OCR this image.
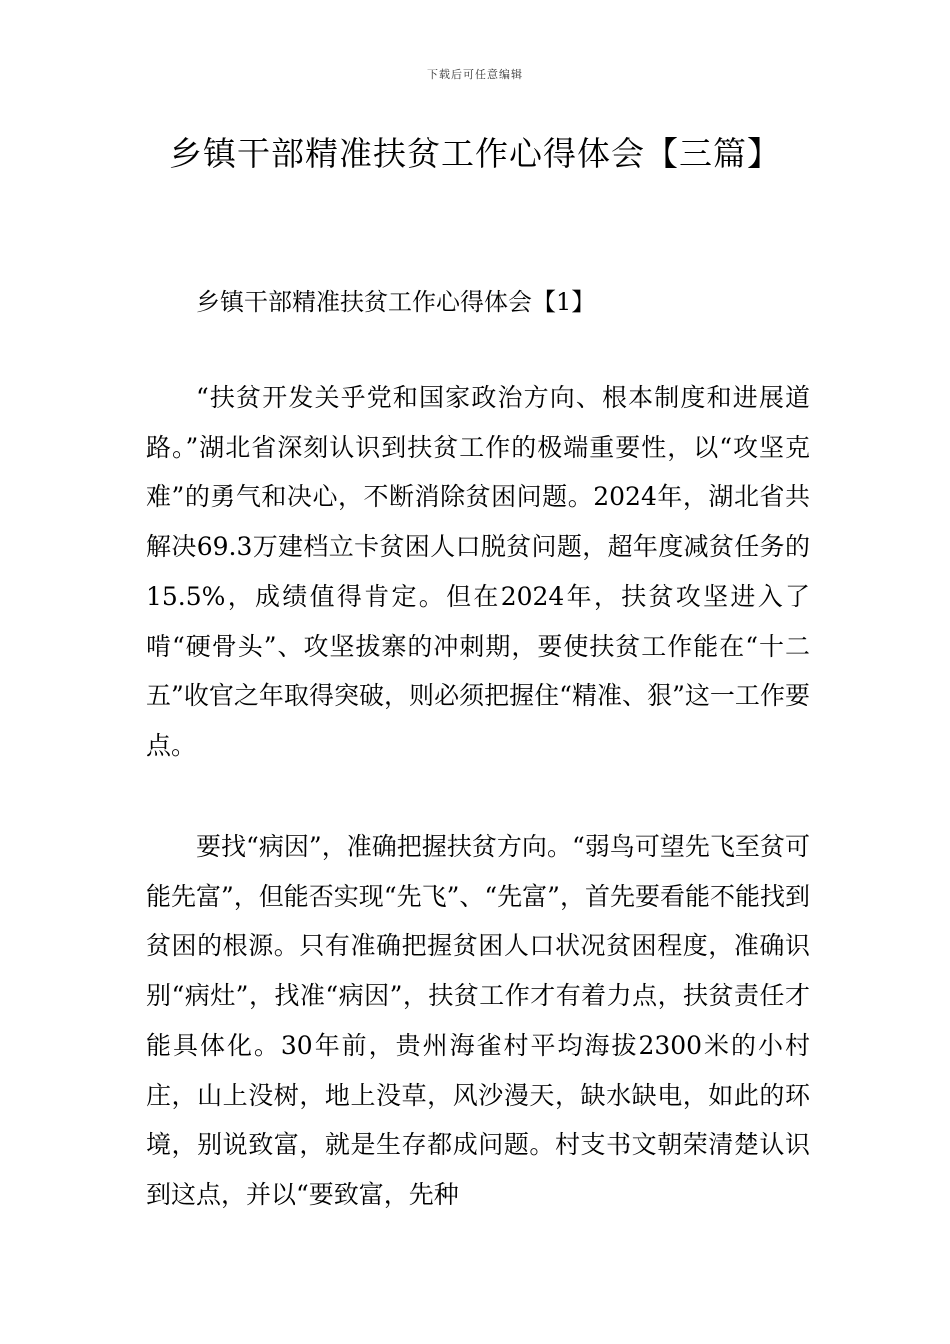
下载后可任意编辑
乡镇干部精准扶贫工作心得体会【三篇】
乡镇干部精准扶贫工作心得体会【1】

“扶贫开发关乎党和国家政治方向、根本制度和进展道路。”湖北省深刻认识到扶贫工作的极端重要性，以“攻坚克难”的勇气和决心，不断消除贫困问题。2024年，湖北省共解决69.3万建档立卡贫困人口脱贫问题，超年度减贫任务的15.5%，成绩值得肯定。但在2024年，扶贫攻坚进入了啃“硬骨头”、攻坚拔寨的冲刺期，要使扶贫工作能在“十二五”收官之年取得突破，则必须把握住“精准、狠”这一工作要点。

要找“病因”，准确把握扶贫方向。“弱鸟可望先飞至贫可能先富”，但能否实现“先飞”、“先富”，首先要看能不能找到贫困的根源。只有准确把握贫困人口状况贫困程度，准确识别“病灶”，找准“病因”，扶贫工作才有着力点，扶贫责任才能具体化。30年前，贵州海雀村平均海拔2300米的小村庄，山上没树，地上没草，风沙漫天，缺水缺电，如此的环境，别说致富，就是生存都成问题。村支书文朝荣清楚认识到这点，并以“要致富，先种
